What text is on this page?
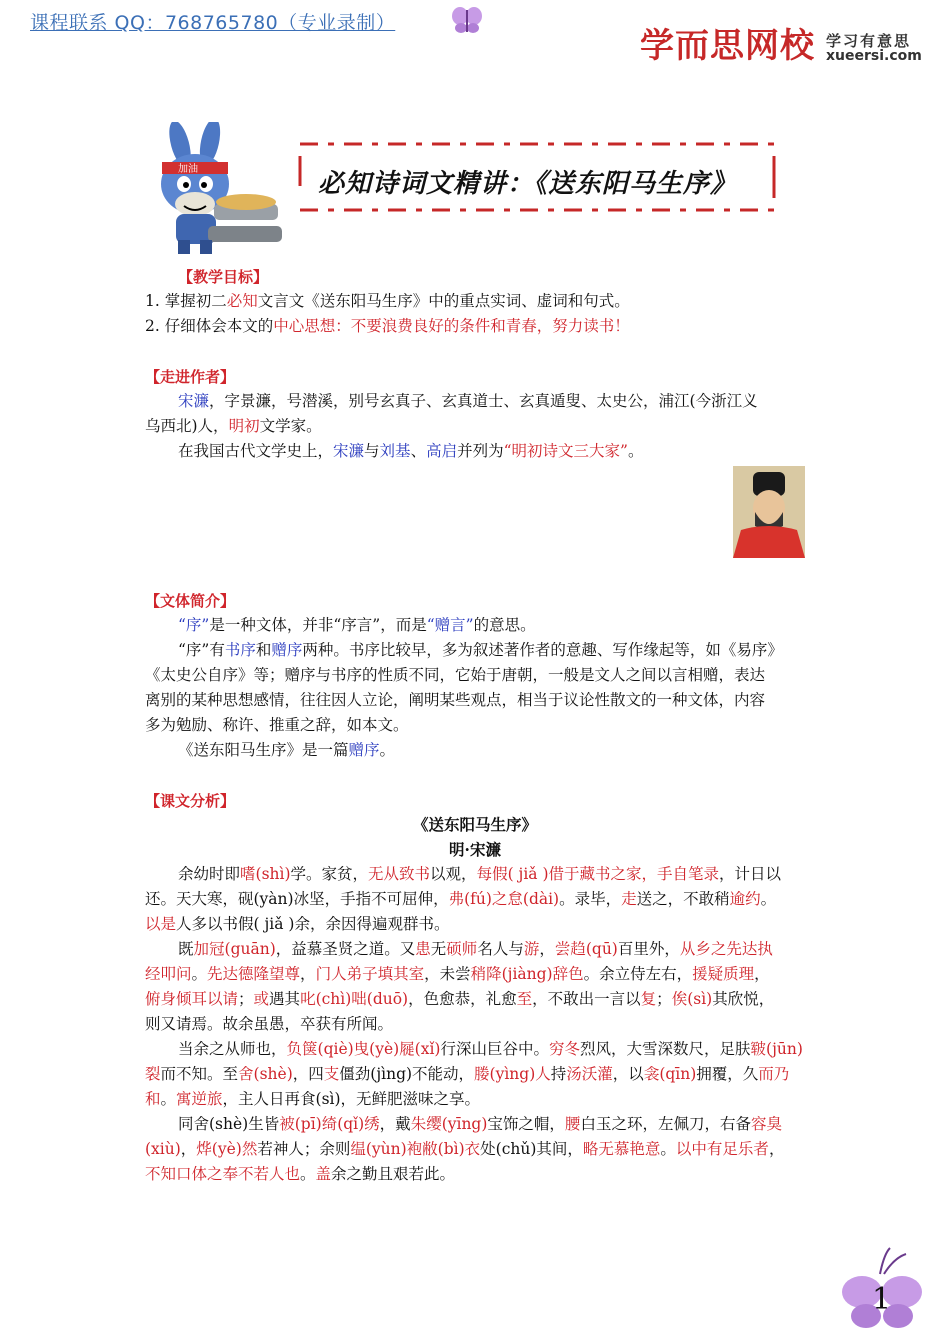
课程联系 QQ：768765780（专业录制）
学而思网校 学习有意思
xueersi.com
加油	必知诗词文精讲：《送东阳马生序》
【教学目标】
1. 掌握初二必知文言文《送东阳马生序》中的重点实词、虚词和句式。
2. 仔细体会本文的中心思想：不要浪费良好的条件和青春，努力读书！
【走进作者】
宋濂，字景濂，号潜溪，别号玄真子、玄真道士、玄真遁叟、太史公，浦江(今浙江义
乌西北)人，明初文学家。
在我国古代文学史上，宋濂与刘基、高启并列为“明初诗文三大家”。
【文体简介】
“序”是一种文体，并非“序言”，而是“赠言”的意思。
“序”有书序和赠序两种。书序比较早，多为叙述著作者的意趣、写作缘起等，如《易序》
《太史公自序》等；赠序与书序的性质不同，它始于唐朝，一般是文人之间以言相赠，表达
离别的某种思想感情，往往因人立论，阐明某些观点，相当于议论性散文的一种文体，内容
多为勉励、称许、推重之辞，如本文。
《送东阳马生序》是一篇赠序。
【课文分析】
《送东阳马生序》
明·宋濂
余幼时即嗜(shì)学。家贫，无从致书以观，每假( jiǎ )借于藏书之家，手自笔录，计日以
还。天大寒，砚(yàn)冰坚，手指不可屈伸，弗(fú)之怠(dài)。录毕，走送之，不敢稍逾约。
以是人多以书假( jiǎ )余，余因得遍观群书。
既加冠(guān)，益慕圣贤之道。又患无硕师名人与游，尝趋(qū)百里外，从乡之先达执
经叩问。先达德隆望尊，门人弟子填其室，未尝稍降(jiàng)辞色。余立侍左右，援疑质理，
俯身倾耳以请；或遇其叱(chì)咄(duō)，色愈恭，礼愈至，不敢出一言以复；俟(sì)其欣悦，
则又请焉。故余虽愚，卒获有所闻。
当余之从师也，负箧(qiè)曳(yè)屣(xǐ)行深山巨谷中。穷冬烈风，大雪深数尺，足肤皲(jūn)
裂而不知。至舍(shè)，四支僵劲(jìng)不能动，媵(yìng)人持汤沃灌，以衾(qīn)拥覆，久而乃
和。寓逆旅，主人日再食(sì)，无鲜肥滋味之享。
同舍(shè)生皆被(pī)绮(qǐ)绣，戴朱缨(yīng)宝饰之帽，腰白玉之环，左佩刀，右备容臭
(xiù)，烨(yè)然若神人；余则缊(yùn)袍敝(bì)衣处(chǔ)其间，略无慕艳意。以中有足乐者，
不知口体之奉不若人也。盖余之勤且艰若此。
1
